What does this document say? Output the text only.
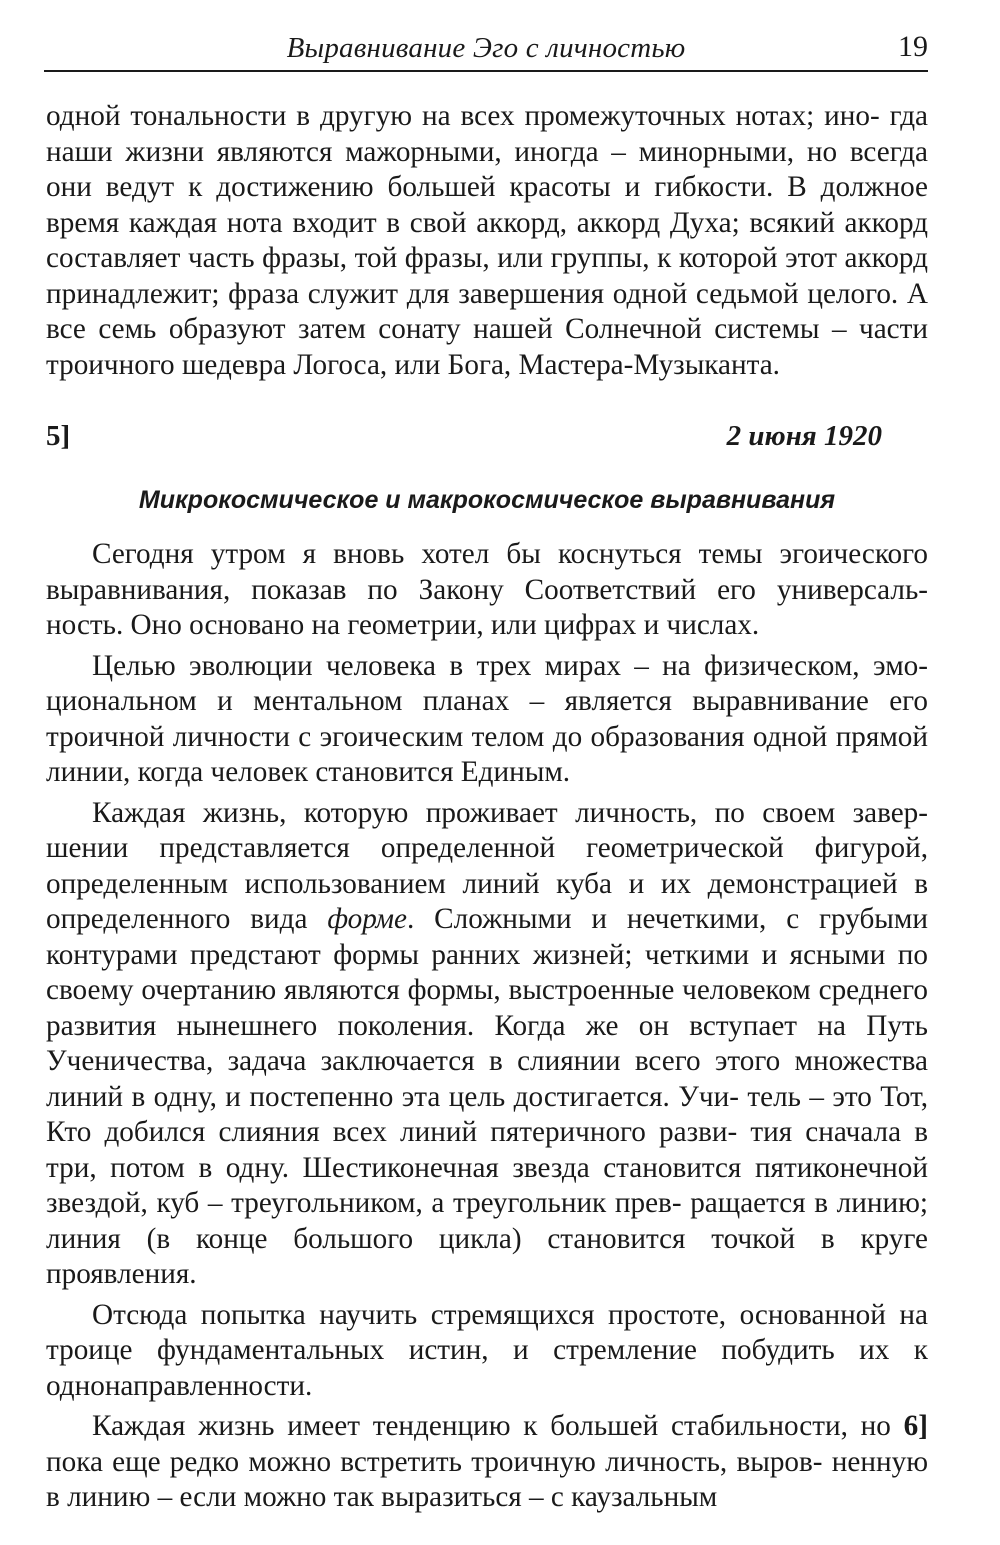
Выравнивание Эго с личностью	19

одной тональности в другую на всех промежуточных нотах; ино- гда наши жизни являются мажорными, иногда – минорными, но всегда они ведут к достижению большей красоты и гибкости. В должное время каждая нота входит в свой аккорд, аккорд Духа; всякий аккорд составляет часть фразы, той фразы, или группы, к которой этот аккорд принадлежит; фраза служит для завершения одной седьмой целого. А все семь образуют затем сонату нашей Солнечной системы – части троичного шедевра Логоса, или Бога, Мастера-Музыканта.

5]	2 июня 1920
Микрокосмическое и макрокосмическое выравнивания

Сегодня утром я вновь хотел бы коснуться темы эгоического выравнивания, показав по Закону Соответствий его универсаль- ность. Оно основано на геометрии, или цифрах и числах.

Целью эволюции человека в трех мирах – на физическом, эмо- циональном и ментальном планах – является выравнивание его троичной личности с эгоическим телом до образования одной прямой линии, когда человек становится Единым.

Каждая жизнь, которую проживает личность, по своем завер- шении представляется определенной геометрической фигурой, определенным использованием линий куба и их демонстрацией в определенного вида форме. Сложными и нечеткими, с грубыми контурами предстают формы ранних жизней; четкими и ясными по своему очертанию являются формы, выстроенные человеком среднего развития нынешнего поколения. Когда же он вступает на Путь Ученичества, задача заключается в слиянии всего этого множества линий в одну, и постепенно эта цель достигается. Учи- тель – это Тот, Кто добился слияния всех линий пятеричного разви- тия сначала в три, потом в одну. Шестиконечная звезда становится пятиконечной звездой, куб – треугольником, а треугольник прев- ращается в линию; линия (в конце большого цикла) становится точкой в круге проявления.

Отсюда попытка научить стремящихся простоте, основанной на троице фундаментальных истин, и стремление побудить их к однонаправленности.

Каждая жизнь имеет тенденцию к большей стабильности, но 6] пока еще редко можно встретить троичную личность, выров- ненную в линию – если можно так выразиться – с каузальным
